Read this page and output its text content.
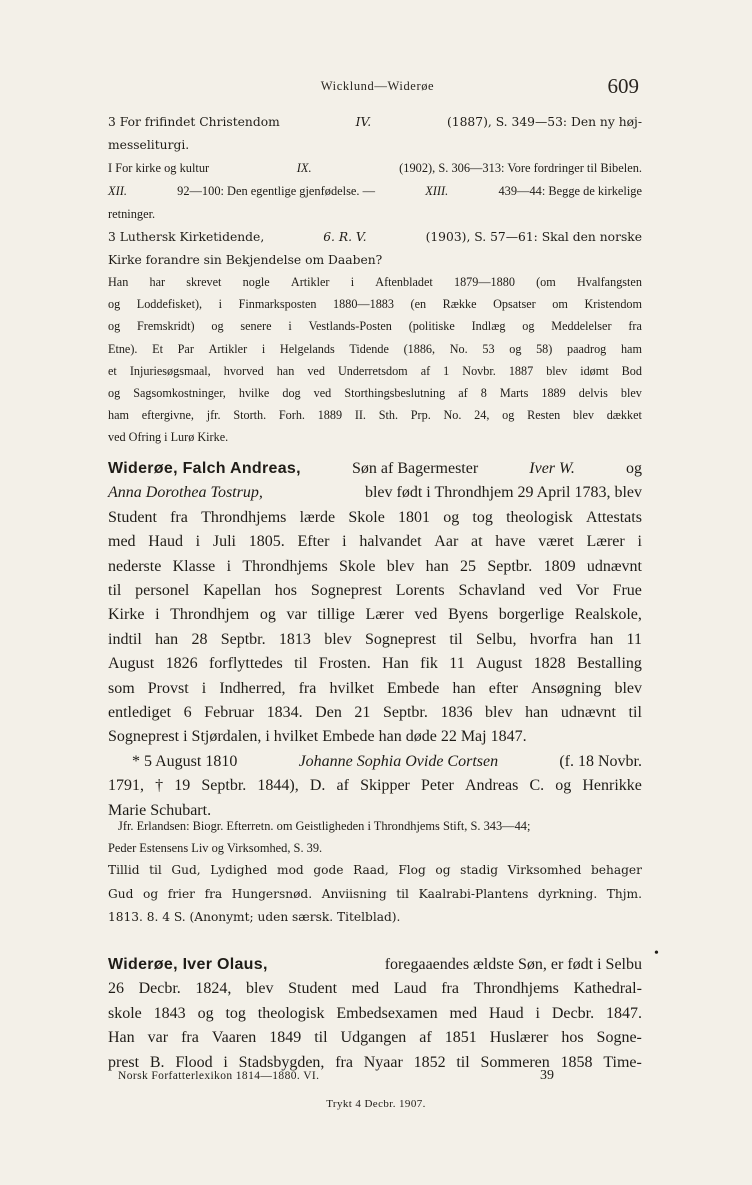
Wicklund—Widerøe	609
3 For frifindet Christendom	IV.	(1887), S. 349—53: Den ny høj-
messeliturgi.
I For kirke og kultur	IX.	(1902), S. 306—313: Vore fordringer til Bibelen.
XII.	92—100: Den egentlige gjenfødelse. —	XIII.	439—44: Begge de kirkelige
retninger.
3 Luthersk Kirketidende,	6. R. V.	(1903), S. 57—61: Skal den norske
Kirke forandre sin Bekjendelse om Daaben?
Han har skrevet nogle Artikler i Aftenbladet 1879—1880 (om Hvalfangsten
og Loddefisket), i Finmarksposten 1880—1883 (en Række Opsatser om Kristendom
og Fremskridt) og senere i Vestlands-Posten (politiske Indlæg og Meddelelser fra
Etne). Et Par Artikler i Helgelands Tidende (1886, No. 53 og 58) paadrog ham
et Injuriesøgsmaal, hvorved han ved Underretsdom af 1 Novbr. 1887 blev idømt Bod
og Sagsomkostninger, hvilke dog ved Storthingsbeslutning af 8 Marts 1889 delvis blev
ham eftergivne, jfr. Storth. Forh. 1889 II. Sth. Prp. No. 24, og Resten blev dækket
ved Ofring i Lurø Kirke.
Widerøe, Falch Andreas,	Søn af Bagermester	Iver W.	og
Anna Dorothea Tostrup,	blev født i Throndhjem 29 April 1783, blev
Student fra Throndhjems lærde Skole 1801 og tog theologisk Attestats
med Haud i Juli 1805. Efter i halvandet Aar at have været Lærer i
nederste Klasse i Throndhjems Skole blev han 25 Septbr. 1809 udnævnt
til personel Kapellan hos Sogneprest Lorents Schavland ved Vor Frue
Kirke i Throndhjem og var tillige Lærer ved Byens borgerlige Realskole,
indtil han 28 Septbr. 1813 blev Sogneprest til Selbu, hvorfra han 11
August 1826 forflyttedes til Frosten. Han fik 11 August 1828 Bestalling
som Provst i Indherred, fra hvilket Embede han efter Ansøgning blev
entlediget 6 Februar 1834. Den 21 Septbr. 1836 blev han udnævnt til
Sogneprest i Stjørdalen, i hvilket Embede han døde 22 Maj 1847.
* 5 August 1810	Johanne Sophia Ovide Cortsen	(f. 18 Novbr.
1791, † 19 Septbr. 1844), D. af Skipper Peter Andreas C. og Henrikke
Marie Schubart.
Jfr. Erlandsen: Biogr. Efterretn. om Geistligheden i Throndhjems Stift, S. 343—44;
Peder Estensens Liv og Virksomhed, S. 39.
Tillid til Gud, Lydighed mod gode Raad, Flog og stadig Virksomhed behager
Gud og frier fra Hungersnød. Anviisning til Kaalrabi-Plantens dyrkning. Thjm.
1813. 8. 4 S. (Anonymt; uden særsk. Titelblad).
Widerøe, Iver Olaus,	foregaaendes ældste Søn, er født i Selbu
26 Decbr. 1824, blev Student med Laud fra Throndhjems Kathedral-
skole 1843 og tog theologisk Embedsexamen med Haud i Decbr. 1847.
Han var fra Vaaren 1849 til Udgangen af 1851 Huslærer hos Sogne-
prest B. Flood i Stadsbygden, fra Nyaar 1852 til Sommeren 1858 Time-
•
Norsk Forfatterlexikon 1814—1880. VI.	39
Trykt 4 Decbr. 1907.
